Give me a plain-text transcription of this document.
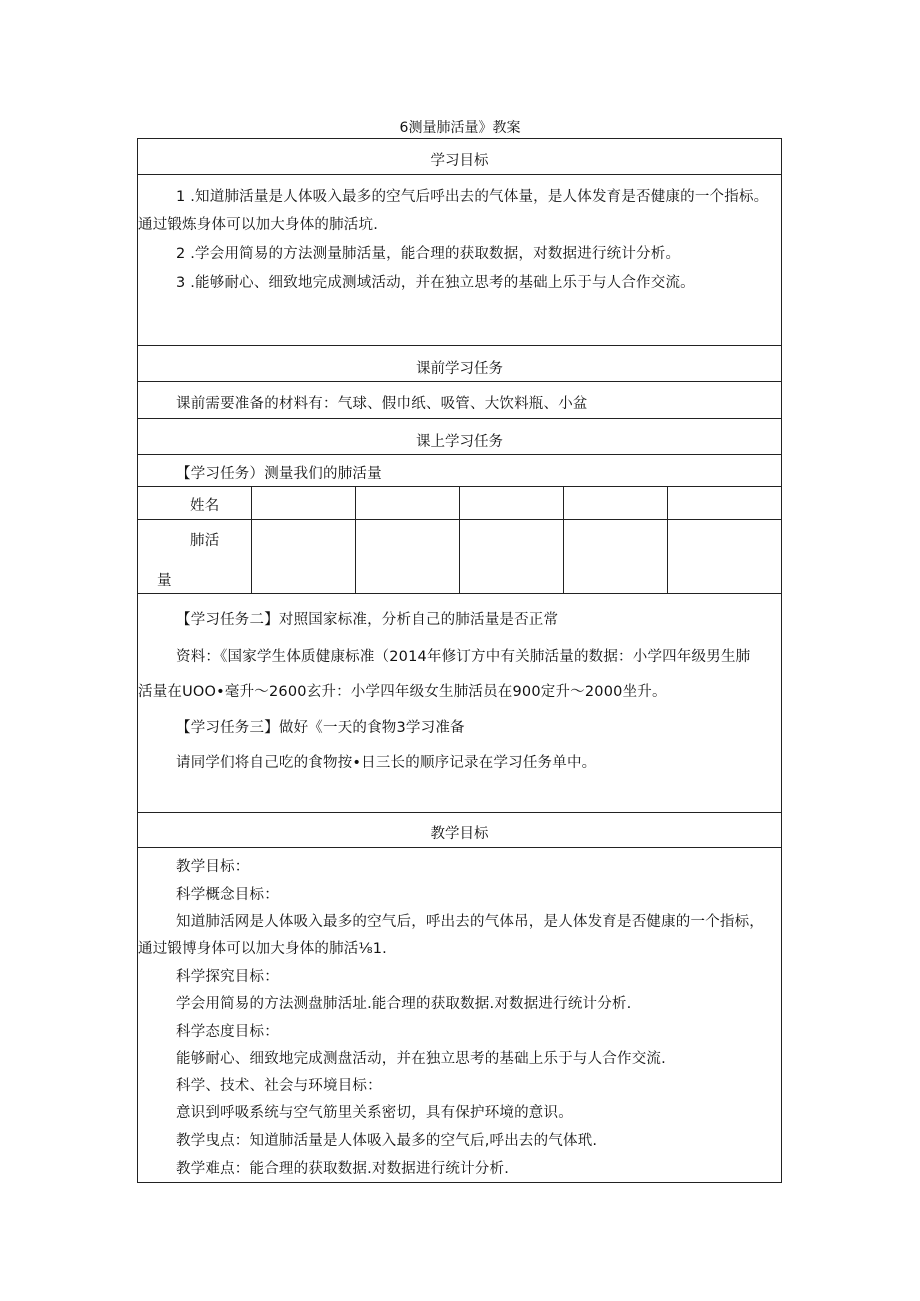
6测量肺活量》教案
学习目标
1 .知道肺活量是人体吸入最多的空气后呼出去的气体量，是人体发育是否健康的一个指标。
通过锻炼身体可以加大身体的肺活坑.
2 .学会用简易的方法测量肺活量，能合理的获取数据，对数据进行统计分析。
3 .能够耐心、细致地完成测域活动，并在独立思考的基础上乐于与人合作交流。
课前学习任务
课前需要准备的材料有：气球、假巾纸、吸管、大饮料瓶、小盆
课上学习任务
【学习任务）测量我们的肺活量
姓名
肺活
量
【学习任务二】对照国家标准，分析自己的肺活量是否正常
资料：《国家学生体质健康标准（2014年修订方中有关肺活量的数据：小学四年级男生肺
活量在UOO•毫升〜2600玄升：小学四年级女生肺活员在900定升〜2000坐升。
【学习任务三】做好《一天的食物3学习准备
请同学们将自己吃的食物按•日三长的顺序记录在学习任务单中。
教学目标
教学目标：
科学概念目标：
知道肺活网是人体吸入最多的空气后，呼出去的气体吊，是人体发育是否健康的一个指标，
通过锻博身体可以加大身体的肺活⅛1.
科学探究目标：
学会用简易的方法测盘肺活址.能合理的获取数据.对数据进行统计分析.
科学态度目标：
能够耐心、细致地完成测盘活动，并在独立思考的基础上乐于与人合作交流.
科学、技术、社会与环境目标：
意识到呼吸系统与空气筋里关系密切，具有保护环境的意识。
教学曳点：知道肺活量是人体吸入最多的空气后,呼出去的气体玳.
教学难点：能合理的获取数据.对数据进行统计分析.
